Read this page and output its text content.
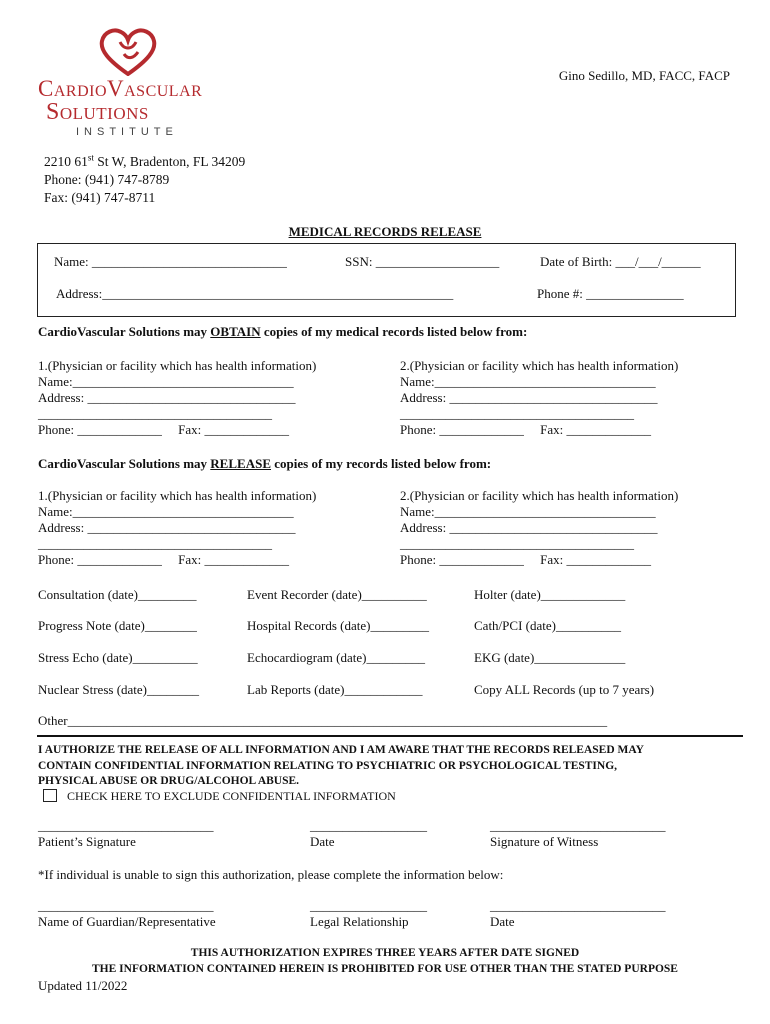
CardioVascular
Solutions
INSTITUTE
Gino Sedillo, MD, FACC, FACP
2210 61st St W, Bradenton, FL 34209
Phone: (941) 747-8789
Fax: (941) 747-8711
MEDICAL RECORDS RELEASE
Name: ______________________________	SSN: ___________________	Date of Birth: ___/___/______
Address:______________________________________________________	Phone #: _______________
CardioVascular Solutions may OBTAIN copies of my medical records listed below from:
1.(Physician or facility which has health information)
Name:__________________________________
Address: ________________________________
____________________________________
Phone: _____________ Fax: _____________
2.(Physician or facility which has health information)
Name:__________________________________
Address: ________________________________
____________________________________
Phone: _____________ Fax: _____________
CardioVascular Solutions may RELEASE copies of my records listed below from:
1.(Physician or facility which has health information)
Name:__________________________________
Address: ________________________________
____________________________________
Phone: _____________ Fax: _____________
2.(Physician or facility which has health information)
Name:__________________________________
Address: ________________________________
____________________________________
Phone: _____________ Fax: _____________
Consultation (date)_________	Event Recorder (date)__________	Holter (date)_____________
Progress Note (date)________	Hospital Records (date)_________	Cath/PCI (date)__________
Stress Echo (date)__________	Echocardiogram (date)_________	EKG (date)______________
Nuclear Stress (date)________	Lab Reports (date)____________	Copy ALL Records (up to 7 years)
Other___________________________________________________________________________________
I AUTHORIZE THE RELEASE OF ALL INFORMATION AND I AM AWARE THAT THE RECORDS RELEASED MAY
CONTAIN CONFIDENTIAL INFORMATION RELATING TO PSYCHIATRIC OR PSYCHOLOGICAL TESTING,
PHYSICAL ABUSE OR DRUG/ALCOHOL ABUSE.
CHECK HERE TO EXCLUDE CONFIDENTIAL INFORMATION
___________________________	__________________	___________________________
Patient’s Signature	Date	Signature of Witness
*If individual is unable to sign this authorization, please complete the information below:
___________________________	__________________	___________________________
Name of Guardian/Representative	Legal Relationship	Date
THIS AUTHORIZATION EXPIRES THREE YEARS AFTER DATE SIGNED
THE INFORMATION CONTAINED HEREIN IS PROHIBITED FOR USE OTHER THAN THE STATED PURPOSE
Updated 11/2022
